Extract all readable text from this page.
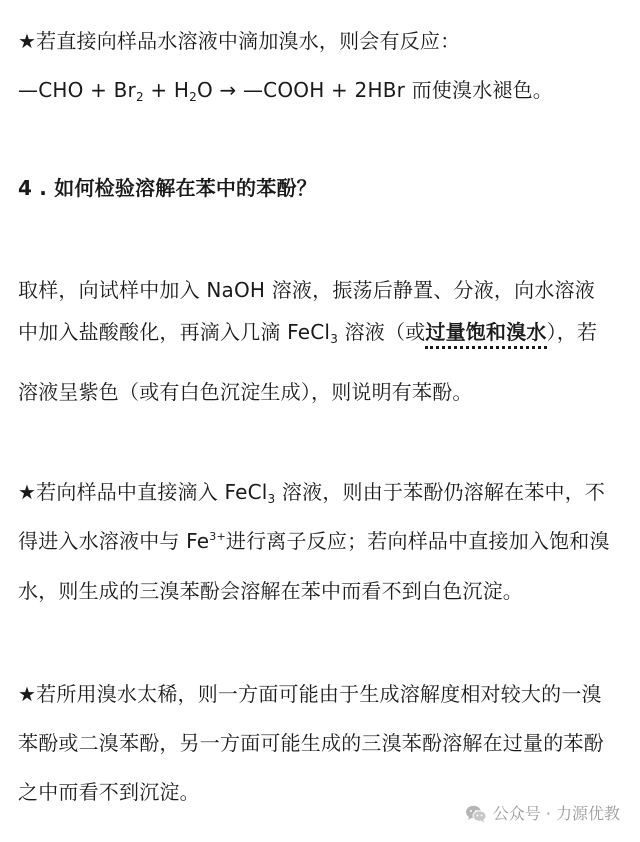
★若直接向样品水溶液中滴加溴水，则会有反应：
—CHO + $Br_2 + H_2O$ → —COOH + 2HBr 而使溴水褪色。
4 . 如何检验溶解在苯中的苯酚？
取样，向试样中加入 NaOH 溶液，振荡后静置、分液，向水溶液
中加入盐酸酸化，再滴入几滴 FeCl$_3$ 溶液（或过量饱和溴水），若
溶液呈紫色（或有白色沉淀生成），则说明有苯酚。
★若向样品中直接滴入 FeCl$_3$ 溶液，则由于苯酚仍溶解在苯中，不
得进入水溶液中与 $Fe^{3+}$进行离子反应；若向样品中直接加入饱和溴
水，则生成的三溴苯酚会溶解在苯中而看不到白色沉淀。
★若所用溴水太稀，则一方面可能由于生成溶解度相对较大的一溴
苯酚或二溴苯酚，另一方面可能生成的三溴苯酚溶解在过量的苯酚
之中而看不到沉淀。
公众号 · 力源优教
